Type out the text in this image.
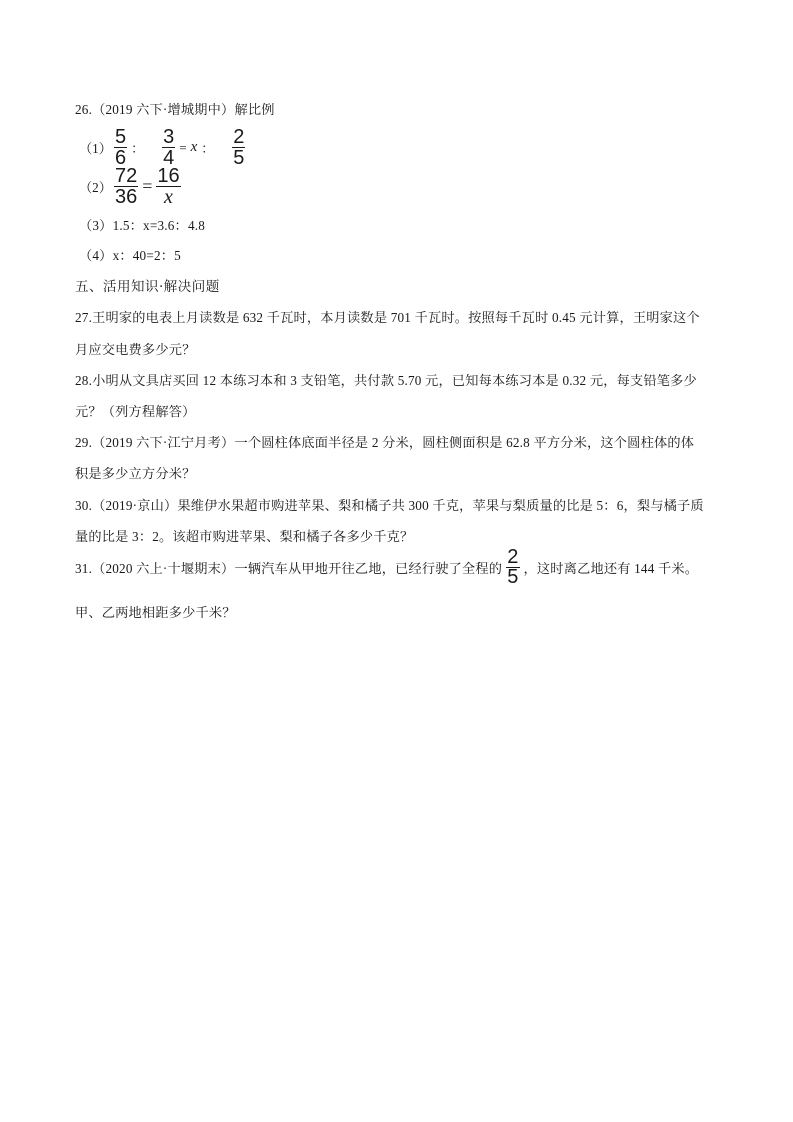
26.（2019 六下·增城期中）解比例
$(1) \frac{5}{6}$ ： $\frac{3}{4} = x$ ： $\frac{2}{5}$
$(2) \frac{72}{36} = \frac{16}{x}$
（3）1.5：x=3.6：4.8
（4）x：40=2：5
五、活用知识·解决问题
27.王明家的电表上月读数是 632 千瓦时，本月读数是 701 千瓦时。按照每千瓦时 0.45 元计算，王明家这个
月应交电费多少元？
28.小明从文具店买回 12 本练习本和 3 支铅笔，共付款 5.70 元，已知每本练习本是 0.32 元，每支铅笔多少
元？（列方程解答）
29.（2019 六下·江宁月考）一个圆柱体底面半径是 2 分米，圆柱侧面积是 62.8 平方分米，这个圆柱体的体
积是多少立方分米？
30.（2019·京山）果维伊水果超市购进苹果、梨和橘子共 300 千克，苹果与梨质量的比是 5：6，梨与橘子质
量的比是 3：2。该超市购进苹果、梨和橘子各多少千克？
31.（2020 六上·十堰期末）一辆汽车从甲地开往乙地，已经行驶了全程的 $\frac{2}{5}$ ，这时离乙地还有 144 千米。
甲、乙两地相距多少千米？
